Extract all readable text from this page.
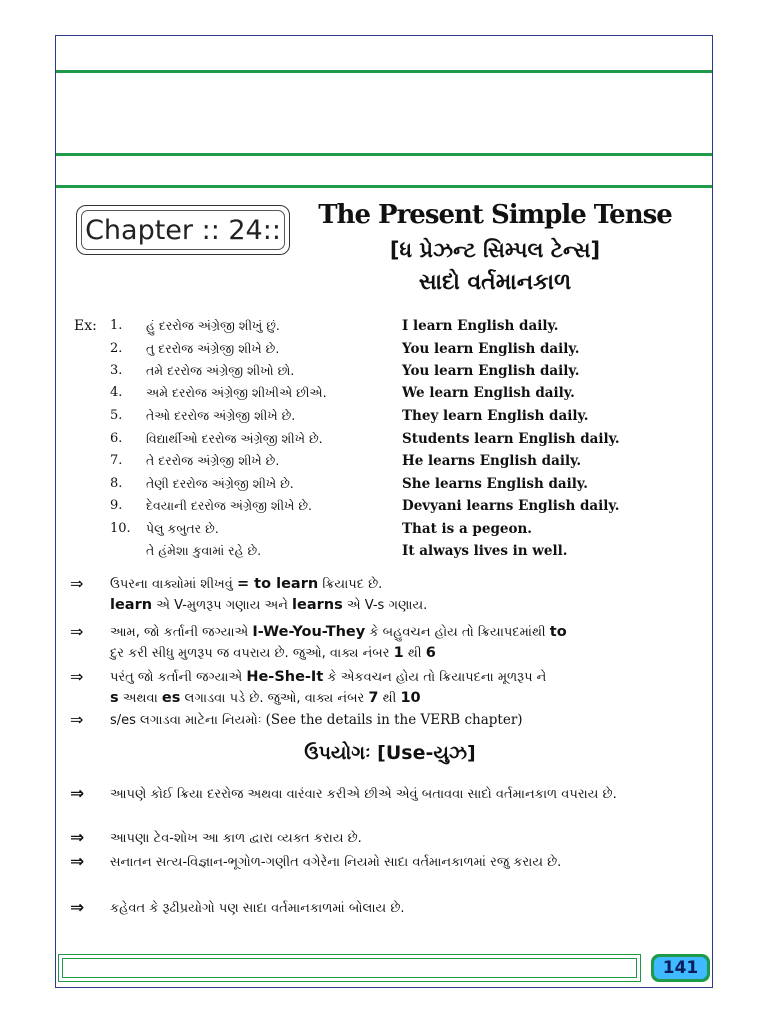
Chapter :: 24::	The Present Simple Tense
[ધ પ્રેઝન્ટ સિમ્પલ ટેન્સ]
સાદો વર્તમાનકાળ
Ex: 1.	હું દરરોજ અંગ્રેજી શીખું છું.	I learn English daily.
2.	તુ દરરોજ અંગ્રેજી શીખે છે.	You learn English daily.
3.	તમે દરરોજ અંગ્રેજી શીખો છો.	You learn English daily.
4.	અમે દરરોજ અંગ્રેજી શીખીએ છીએ.	We learn English daily.
5.	તેઓ દરરોજ અંગ્રેજી શીખે છે.	They learn English daily.
6.	વિદ્યાર્થીઓ દરરોજ અંગ્રેજી શીખે છે.	Students learn English daily.
7.	તે દરરોજ અંગ્રેજી શીખે છે.	He learns English daily.
8.	તેણી દરરોજ અંગ્રેજી શીખે છે.	She learns English daily.
9.	દેવયાની દરરોજ અંગ્રેજી શીખે છે.	Devyani learns English daily.
10.	પેલુ કબુતર છે.	That is a pegeon.
તે હંમેશા કુવામાં રહે છે.	It always lives in well.
⇒ ઉપરના વાક્યોમાં શીખવું = to learn ક્રિયાપદ છે.
learn એ V-મુળરૂપ ગણાય અને learns એ V-s ગણાય.
⇒ આમ, જો કર્તાની જગ્યાએ I-We-You-They કે બહુવચન હોય તો ક્રિયાપદમાંથી to
દુર કરી સીધુ મુળરૂપ જ વપરાય છે. જુઓ, વાક્ય નંબર 1 થી 6
⇒ પરંતુ જો કર્તાની જગ્યાએ He-She-It કે એકવચન હોય તો ક્રિયાપદના મૂળરૂપ ને
s અથવા es લગાડવા પડે છે. જુઓ, વાક્ય નંબર 7 થી 10
⇒ s/es લગાડવા માટેના નિયમોઃ (See the details in the VERB chapter)
ઉપયોગઃ [Use-યુઝ]
⇒ આપણે કોઈ ક્રિયા દરરોજ અથવા વારંવાર કરીએ છીએ એવું બતાવવા સાદો વર્તમાનકાળ વપરાય છે.
⇒ આપણા ટેવ-શોખ આ કાળ દ્વારા વ્યક્ત કરાય છે.
⇒ સનાતન સત્ય-વિજ્ઞાન-ભૂગોળ-ગણીત વગેરેના નિયમો સાદા વર્તમાનકાળમાં રજુ કરાય છે.
⇒ કહેવત કે રૂઢીપ્રયોગો પણ સાદા વર્તમાનકાળમાં બોલાય છે.
141
